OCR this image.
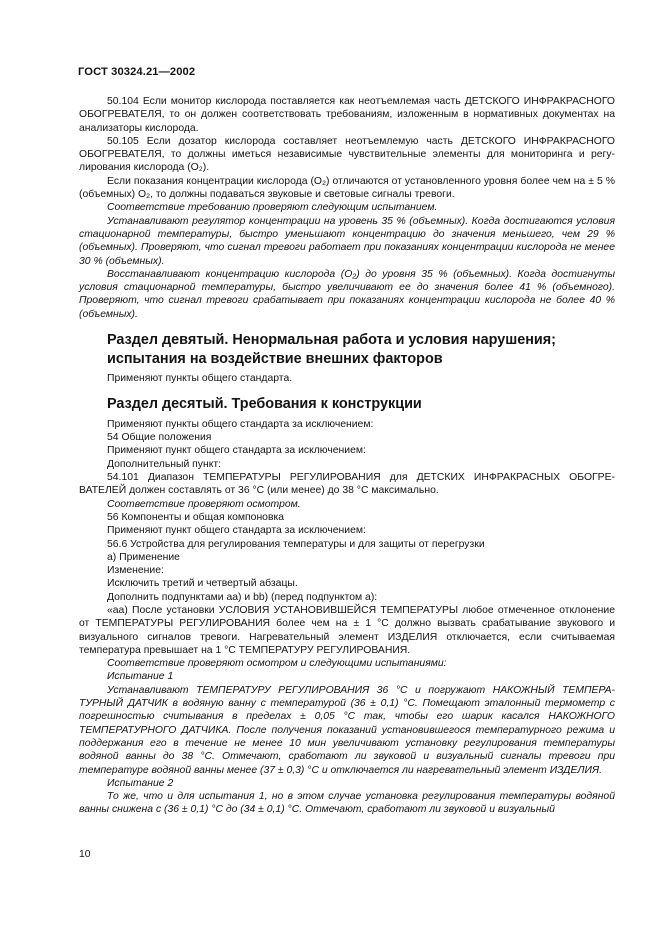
ГОСТ 30324.21—2002

50.104 Если монитор кислорода поставляется как неотъемлемая часть ДЕТСКОГО ИНФРАКРАСНОГО ОБОГРЕВАТЕЛЯ, то он должен соответствовать требованиям, изложенным в нормативных документах на анализаторы кислорода.

50.105 Если дозатор кислорода составляет неотъемлемую часть ДЕТСКОГО ИНФРАКРАСНОГО ОБОГРЕВАТЕЛЯ, то должны иметься независимые чувствительные элементы для мониторинга и регулирования кислорода (O₂).

Если показания концентрации кислорода (O₂) отличаются от установленного уровня более чем на ± 5 % (объемных) O₂, то должны подаваться звуковые и световые сигналы тревоги.

Соответствие требованию проверяют следующим испытанием.

Устанавливают регулятор концентрации на уровень 35 % (объемных). Когда достигаются условия стационарной температуры, быстро уменьшают концентрацию до значения меньшего, чем 29 % (объемных). Проверяют, что сигнал тревоги работает при показаниях концентрации кислорода не менее 30 % (объемных).

Восстанавливают концентрацию кислорода (O₂) до уровня 35 % (объемных). Когда достигнуты условия стационарной температуры, быстро увеличивают ее до значения более 41 % (объемного). Проверяют, что сигнал тревоги срабатывает при показаниях концентрации кислорода не более 40 % (объемных).

Раздел девятый. Ненормальная работа и условия нарушения; испытания на воздействие внешних факторов

Применяют пункты общего стандарта.

Раздел десятый. Требования к конструкции

Применяют пункты общего стандарта за исключением:

54 Общие положения

Применяют пункт общего стандарта за исключением:

Дополнительный пункт:

54.101 Диапазон ТЕМПЕРАТУРЫ РЕГУЛИРОВАНИЯ для ДЕТСКИХ ИНФРАКРАСНЫХ ОБОГРЕВАТЕЛЕЙ должен составлять от 36 °C (или менее) до 38 °C максимально.

Соответствие проверяют осмотром.

56 Компоненты и общая компоновка

Применяют пункт общего стандарта за исключением:

56.6 Устройства для регулирования температуры и для защиты от перегрузки

а) Применение

Изменение:

Исключить третий и четвертый абзацы.

Дополнить подпунктами аа) и bb) (перед подпунктом а):

«аа) После установки УСЛОВИЯ УСТАНОВИВШЕЙСЯ ТЕМПЕРАТУРЫ любое отмеченное отклонение от ТЕМПЕРАТУРЫ РЕГУЛИРОВАНИЯ более чем на ± 1 °C должно вызвать срабатывание звукового и визуального сигналов тревоги. Нагревательный элемент ИЗДЕЛИЯ отключается, если считываемая температура превышает на 1 °C ТЕМПЕРАТУРУ РЕГУЛИРОВАНИЯ.

Соответствие проверяют осмотром и следующими испытаниями:

Испытание 1

Устанавливают ТЕМПЕРАТУРУ РЕГУЛИРОВАНИЯ 36 °C и погружают НАКОЖНЫЙ ТЕМПЕРАТУРНЫЙ ДАТЧИК в водяную ванну с температурой (36 ± 0,1) °C. Помещают эталонный термометр с погрешностью считывания в пределах ± 0,05 °C так, чтобы его шарик касался НАКОЖНОГО ТЕМПЕРАТУРНОГО ДАТЧИКА. После получения показаний установившегося температурного режима и поддержания его в течение не менее 10 мин увеличивают установку регулирования температуры водяной ванны до 38 °C. Отмечают, сработают ли звуковой и визуальный сигналы тревоги при температуре водяной ванны менее (37 ± 0,3) °C и отключается ли нагревательный элемент ИЗДЕЛИЯ.

Испытание 2

То же, что и для испытания 1, но в этом случае установка регулирования температуры водяной ванны снижена с (36 ± 0,1) °C до (34 ± 0,1) °C. Отмечают, сработают ли звуковой и визуальный

10
